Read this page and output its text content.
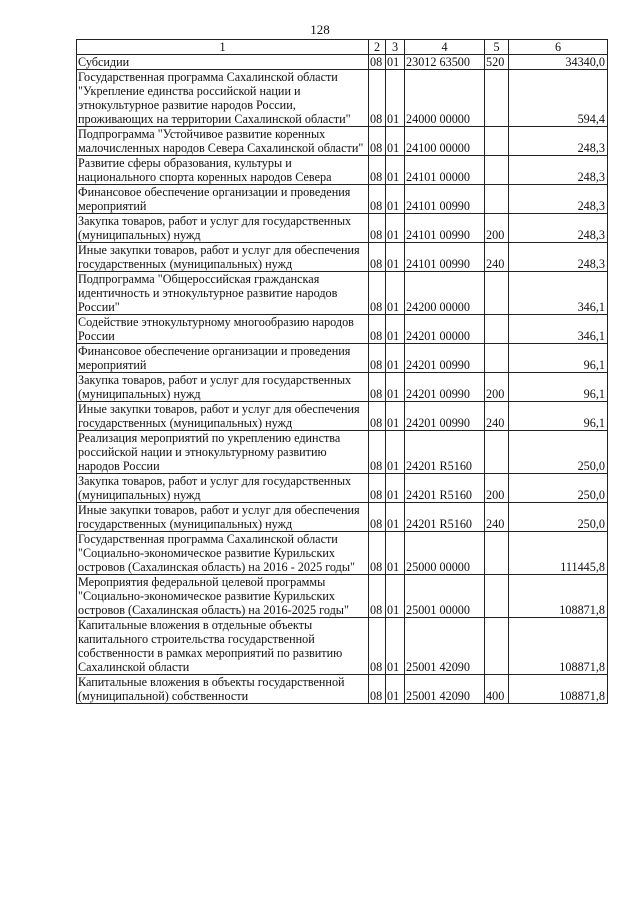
128
1	2	3	4	5	6
Субсидии	08	01	23012 63500	520	34340,0
Государственная программа Сахалинской области "Укрепление единства российской нации и этнокультурное развитие народов России, проживающих на территории Сахалинской области"	08	01	24000 00000		594,4
Подпрограмма "Устойчивое развитие коренных малочисленных народов Севера Сахалинской области"	08	01	24100 00000		248,3
Развитие сферы образования, культуры и национального спорта коренных народов Севера	08	01	24101 00000		248,3
Финансовое обеспечение организации и проведения мероприятий	08	01	24101 00990		248,3
Закупка товаров, работ и услуг для государственных (муниципальных) нужд	08	01	24101 00990	200	248,3
Иные закупки товаров, работ и услуг для обеспечения государственных (муниципальных) нужд	08	01	24101 00990	240	248,3
Подпрограмма "Общероссийская гражданская идентичность и этнокультурное развитие народов России"	08	01	24200 00000		346,1
Содействие этнокультурному многообразию народов России	08	01	24201 00000		346,1
Финансовое обеспечение организации и проведения мероприятий	08	01	24201 00990		96,1
Закупка товаров, работ и услуг для государственных (муниципальных) нужд	08	01	24201 00990	200	96,1
Иные закупки товаров, работ и услуг для обеспечения государственных (муниципальных) нужд	08	01	24201 00990	240	96,1
Реализация мероприятий по укреплению единства российской нации и этнокультурному развитию народов России	08	01	24201 R5160		250,0
Закупка товаров, работ и услуг для государственных (муниципальных) нужд	08	01	24201 R5160	200	250,0
Иные закупки товаров, работ и услуг для обеспечения государственных (муниципальных) нужд	08	01	24201 R5160	240	250,0
Государственная программа Сахалинской области "Социально-экономическое развитие Курильских островов (Сахалинская область) на 2016 - 2025 годы"	08	01	25000 00000		111445,8
Мероприятия федеральной целевой программы "Социально-экономическое развитие Курильских островов (Сахалинская область) на 2016-2025 годы"	08	01	25001 00000		108871,8
Капитальные вложения в отдельные объекты капитального строительства государственной собственности в рамках мероприятий по развитию Сахалинской области	08	01	25001 42090		108871,8
Капитальные вложения в объекты государственной (муниципальной) собственности	08	01	25001 42090	400	108871,8
